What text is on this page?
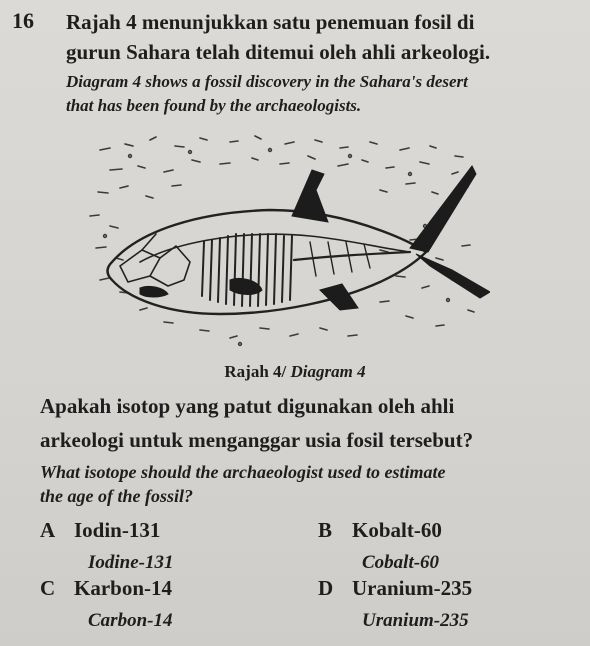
16 Rajah 4 menunjukkan satu penemuan fosil di
gurun Sahara telah ditemui oleh ahli arkeologi.
Diagram 4 shows a fossil discovery in the Sahara's desert
that has been found by the archaeologists.
Rajah 4/ Diagram 4
Apakah isotop yang patut digunakan oleh ahli
arkeologi untuk menganggar usia fosil tersebut?
What isotope should the archaeologist used to estimate
the age of the fossil?
A Iodin-131
Iodine-131
B Kobalt-60
Cobalt-60
C Karbon-14
Carbon-14
D Uranium-235
Uranium-235
